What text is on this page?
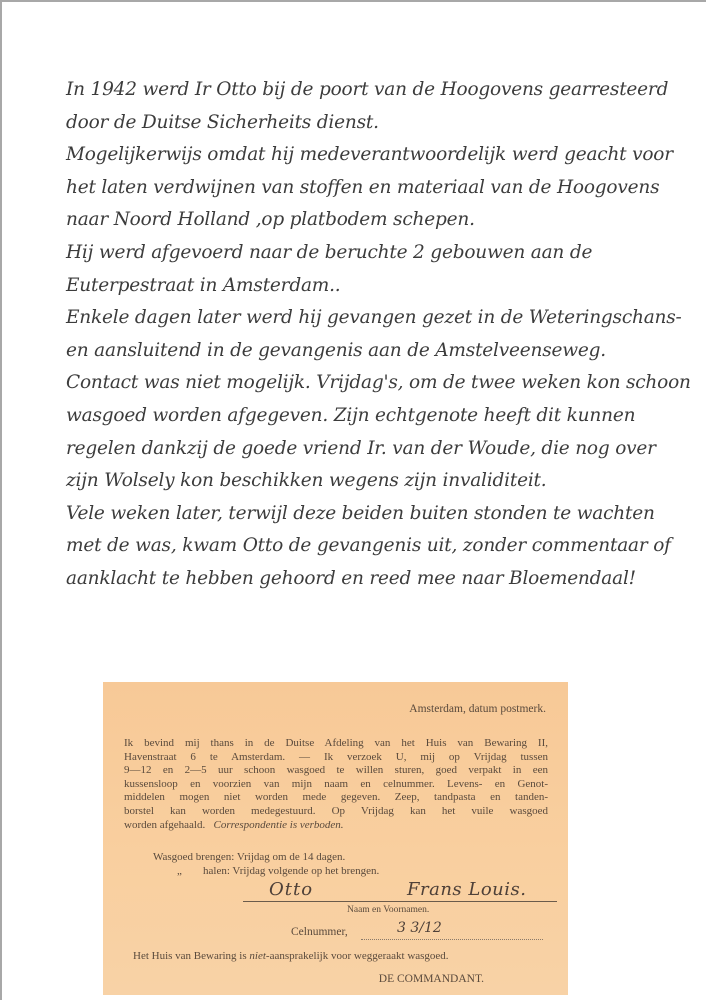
In 1942 werd Ir Otto bij de poort van de Hoogovens gearresteerd
door de Duitse Sicherheits dienst.
Mogelijkerwijs omdat hij medeverantwoordelijk werd geacht voor
het laten verdwijnen van stoffen en materiaal van de Hoogovens
naar Noord Holland ,op platbodem schepen.
Hij werd afgevoerd naar de beruchte 2 gebouwen aan de
Euterpestraat in Amsterdam..
Enkele dagen later werd hij gevangen gezet in de Weteringschans-
en aansluitend in de gevangenis aan de Amstelveenseweg.
Contact was niet mogelijk. Vrijdag's, om de twee weken kon schoon
wasgoed worden afgegeven. Zijn echtgenote heeft dit kunnen
regelen dankzij de goede vriend Ir. van der Woude, die nog over
zijn Wolsely kon beschikken wegens zijn invaliditeit.
Vele weken later, terwijl deze beiden buiten stonden te wachten
met de was, kwam Otto de gevangenis uit, zonder commentaar of
aanklacht te hebben gehoord en reed mee naar Bloemendaal!
Amsterdam, datum postmerk.
Ik bevind mij thans in de Duitse Afdeling van het Huis van Bewaring II,
Havenstraat 6 te Amsterdam. — Ik verzoek U, mij op Vrijdag tussen
9—12 en 2—5 uur schoon wasgoed te willen sturen, goed verpakt in een
kussensloop en voorzien van mijn naam en celnummer. Levens- en Genot-
middelen mogen niet worden mede gegeven. Zeep, tandpasta en tanden-
borstel kan worden medegestuurd. Op Vrijdag kan het vuile wasgoed
worden afgehaald. Correspondentie is verboden.
Wasgoed brengen: Vrijdag om de 14 dagen.
„ halen: Vrijdag volgende op het brengen.
Otto	Frans Louis.
Naam en Voornamen.
Celnummer,	3 3/12
Het Huis van Bewaring is niet-aansprakelijk voor weggeraakt wasgoed.
DE COMMANDANT.
